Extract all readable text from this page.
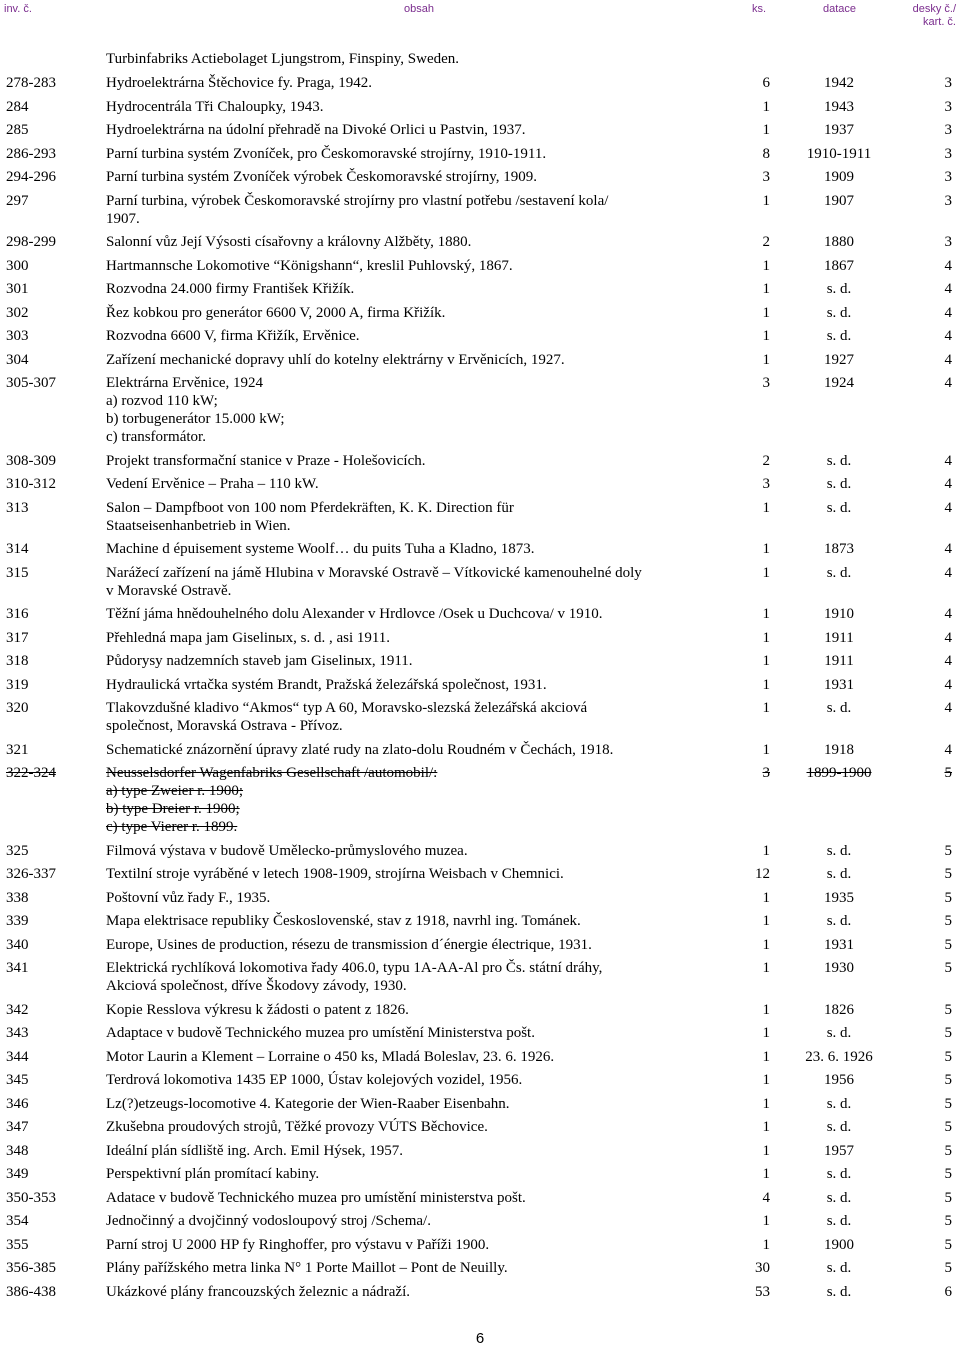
inv. č.	obsah	ks.	datace	desky č./
kart. č.
Turbinfabriks Actiebolaget Ljungstrom, Finspiny, Sweden.
278-283	Hydroelektrárna Štěchovice fy. Praga, 1942.	6	1942	3
284	Hydrocentrála Tři Chaloupky, 1943.	1	1943	3
285	Hydroelektrárna na údolní přehradě na Divoké Orlici u Pastvin, 1937.	1	1937	3
286-293	Parní turbina systém Zvoníček, pro Českomoravské strojírny, 1910-1911.	8	1910-1911	3
294-296	Parní turbina systém Zvoníček výrobek Českomoravské strojírny, 1909.	3	1909	3
297	Parní turbina, výrobek Českomoravské strojírny pro vlastní potřebu /sestavení kola/
1907.
1	1907	3
298-299	Salonní vůz Její Výsosti císařovny a královny Alžběty, 1880.	2	1880	3
300	Hartmannsche Lokomotive “Königshann“, kreslil Puhlovský, 1867.	1	1867	4
301	Rozvodna 24.000 firmy František Křižík.	1	s. d.	4
302	Řez kobkou pro generátor 6600 V, 2000 A, firma Křižík.	1	s. d.	4
303	Rozvodna 6600 V, firma Křižík, Ervěnice.	1	s. d.	4
304	Zařízení mechanické dopravy uhlí do kotelny elektrárny v Ervěnicích, 1927.	1	1927	4
305-307	Elektrárna Ervěnice, 1924
a) rozvod 110 kW;
b) torbugenerátor 15.000 kW;
c) transformátor.
3	1924	4
308-309	Projekt transformační stanice v Praze - Holešovicích.	2	s. d.	4
310-312	Vedení Ervěnice – Praha – 110 kW.	3	s. d.	4
313	Salon – Dampfboot von 100 nom Pferdekräften, K. K. Direction für
Staatseisenhanbetrieb in Wien.
1	s. d.	4
314	Machine d épuisement systeme Woolf… du puits Tuha a Kladno, 1873.	1	1873	4
315	Narážecí zařízení na jámě Hlubina v Moravské Ostravě – Vítkovické kamenouhelné doly
v Moravské Ostravě.
1	s. d.	4
316	Těžní jáma hnědouhelného dolu Alexander v Hrdlovce /Osek u Duchcova/ v 1910.	1	1910	4
317	Přehledná mapa jam Giselinых, s. d. , asi 1911.	1	1911	4
318	Půdorysy nadzemních staveb jam Giselinых, 1911.	1	1911	4
319	Hydraulická vrtačka systém Brandt, Pražská železářská společnost, 1931.	1	1931	4
320	Tlakovzdušné kladivo “Akmos“ typ A 60, Moravsko-slezská železářská akciová
společnost, Moravská Ostrava - Přívoz.
1	s. d.	4
321	Schematické znázornění úpravy zlaté rudy na zlato-dolu Roudném v Čechách, 1918.	1	1918	4
322-324	Neusselsdorfer Wagenfabriks Gesellschaft /automobil/:
a) type Zweier r. 1900;
b) type Dreier r. 1900;
c) type Vierer r. 1899.
3	1899-1900	5
325	Filmová výstava v budově Umělecko-průmyslového muzea.	1	s. d.	5
326-337	Textilní stroje vyráběné v letech 1908-1909, strojírna Weisbach v Chemnici.	12	s. d.	5
338	Poštovní vůz řady F., 1935.	1	1935	5
339	Mapa elektrisace republiky Československé, stav z 1918, navrhl ing. Tománek.	1	s. d.	5
340	Europe, Usines de production, résezu de transmission d´énergie électrique, 1931.	1	1931	5
341	Elektrická rychlíková lokomotiva řady 406.0, typu 1A-AA-Al pro Čs. státní dráhy,
Akciová společnost, dříve Škodovy závody, 1930.
1	1930	5
342	Kopie Resslova výkresu k žádosti o patent z 1826.	1	1826	5
343	Adaptace v budově Technického muzea pro umístění Ministerstva pošt.	1	s. d.	5
344	Motor Laurin a Klement – Lorraine o 450 ks, Mladá Boleslav, 23. 6. 1926.	1	23. 6. 1926	5
345	Terdrová lokomotiva 1435 EP 1000, Ústav kolejových vozidel, 1956.	1	1956	5
346	Lz(?)etzeugs-locomotive 4. Kategorie der Wien-Raaber Eisenbahn.	1	s. d.	5
347	Zkušebna proudových strojů, Těžké provozy VÚTS Běchovice.	1	s. d.	5
348	Ideální plán sídliště ing. Arch. Emil Hýsek, 1957.	1	1957	5
349	Perspektivní plán promítací kabiny.	1	s. d.	5
350-353	Adatace v budově Technického muzea pro umístění ministerstva pošt.	4	s. d.	5
354	Jednočinný a dvojčinný vodosloupový stroj /Schema/.	1	s. d.	5
355	Parní stroj U 2000 HP fy Ringhoffer, pro výstavu v Paříži 1900.	1	1900	5
356-385	Plány pařížského metra linka N° 1 Porte Maillot – Pont de Neuilly.	30	s. d.	5
386-438	Ukázkové plány francouzských železnic a nádraží.	53	s. d.	6
6
